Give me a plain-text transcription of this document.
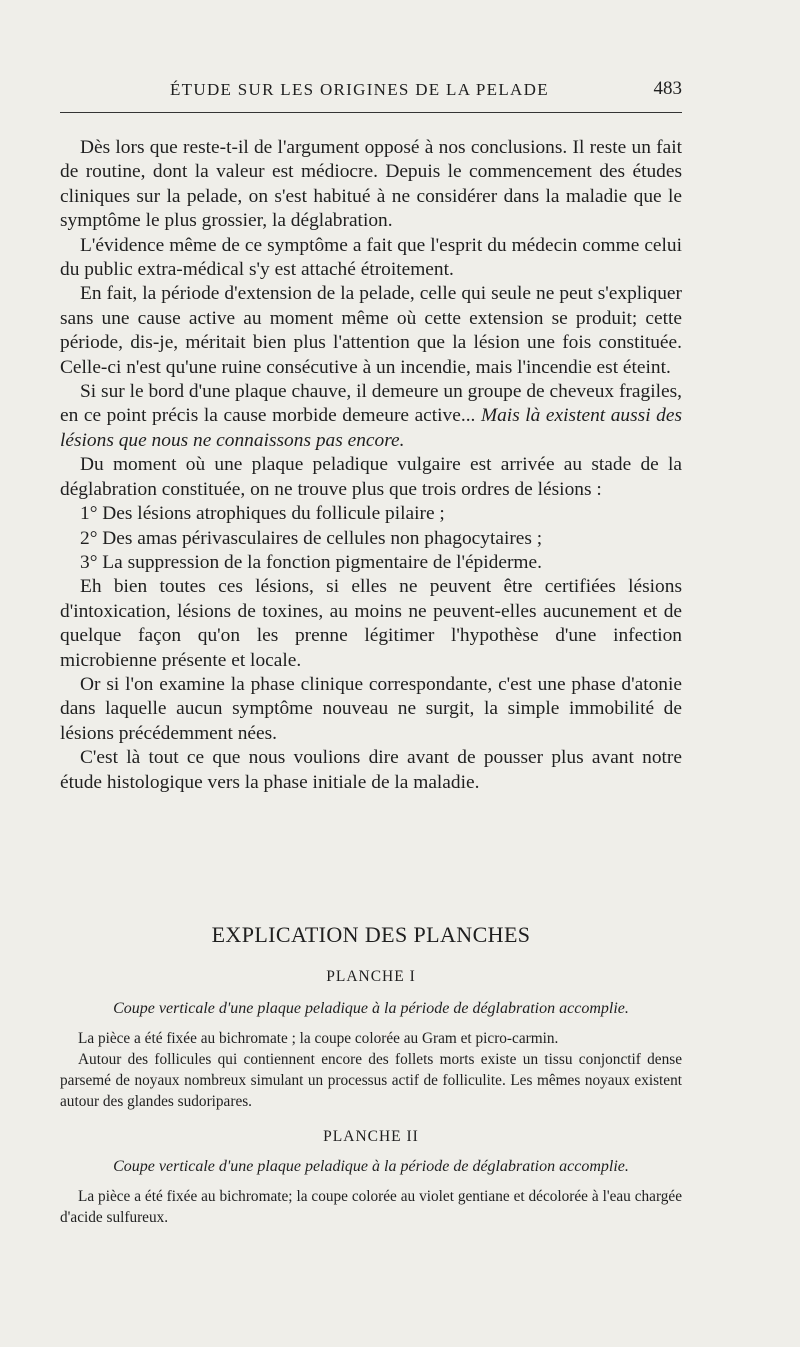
ÉTUDE SUR LES ORIGINES DE LA PELADE	483

Dès lors que reste-t-il de l'argument opposé à nos conclusions. Il reste un fait de routine, dont la valeur est médiocre. Depuis le commencement des études cliniques sur la pelade, on s'est habitué à ne considérer dans la maladie que le symptôme le plus grossier, la déglabration.

L'évidence même de ce symptôme a fait que l'esprit du médecin comme celui du public extra-médical s'y est attaché étroitement.

En fait, la période d'extension de la pelade, celle qui seule ne peut s'expliquer sans une cause active au moment même où cette extension se produit; cette période, dis-je, méritait bien plus l'attention que la lésion une fois constituée. Celle-ci n'est qu'une ruine consécutive à un incendie, mais l'incendie est éteint.

Si sur le bord d'une plaque chauve, il demeure un groupe de cheveux fragiles, en ce point précis la cause morbide demeure active... Mais là existent aussi des lésions que nous ne connaissons pas encore.

Du moment où une plaque peladique vulgaire est arrivée au stade de la déglabration constituée, on ne trouve plus que trois ordres de lésions :

1° Des lésions atrophiques du follicule pilaire ;

2° Des amas périvasculaires de cellules non phagocytaires ;

3° La suppression de la fonction pigmentaire de l'épiderme.

Eh bien toutes ces lésions, si elles ne peuvent être certifiées lésions d'intoxication, lésions de toxines, au moins ne peuvent-elles aucunement et de quelque façon qu'on les prenne légitimer l'hypothèse d'une infection microbienne présente et locale.

Or si l'on examine la phase clinique correspondante, c'est une phase d'atonie dans laquelle aucun symptôme nouveau ne surgit, la simple immobilité de lésions précédemment nées.

C'est là tout ce que nous voulions dire avant de pousser plus avant notre étude histologique vers la phase initiale de la maladie.

EXPLICATION DES PLANCHES
PLANCHE I
Coupe verticale d'une plaque peladique à la période de déglabration accomplie.

La pièce a été fixée au bichromate ; la coupe colorée au Gram et picro-carmin.

Autour des follicules qui contiennent encore des follets morts existe un tissu conjonctif dense parsemé de noyaux nombreux simulant un processus actif de folliculite. Les mêmes noyaux existent autour des glandes sudoripares.

PLANCHE II
Coupe verticale d'une plaque peladique à la période de déglabration accomplie.

La pièce a été fixée au bichromate; la coupe colorée au violet gentiane et décolorée à l'eau chargée d'acide sulfureux.
